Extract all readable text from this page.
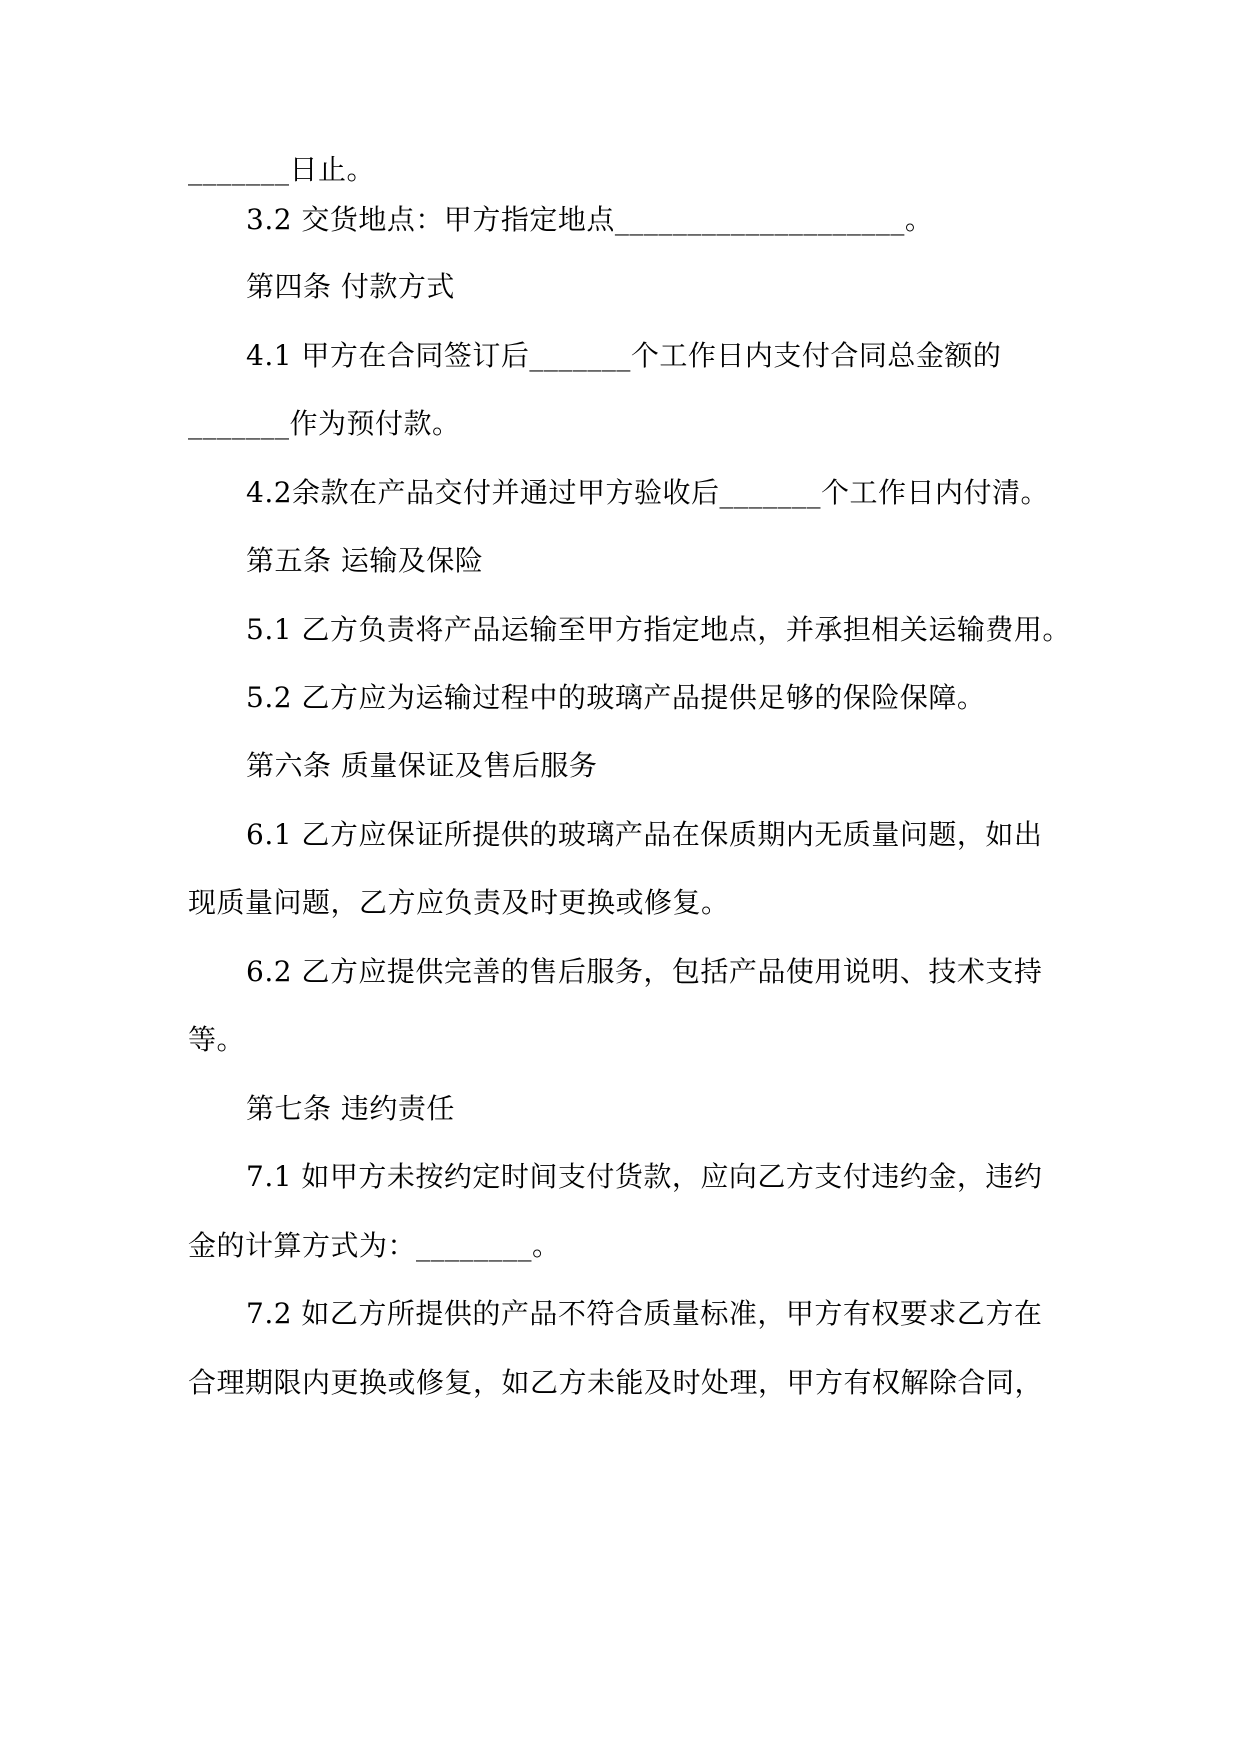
_______日止。
3.2 交货地点：甲方指定地点____________________。
第四条 付款方式
4.1 甲方在合同签订后_______个工作日内支付合同总金额的
_______作为预付款。
4.2余款在产品交付并通过甲方验收后_______个工作日内付清。
第五条 运输及保险
5.1 乙方负责将产品运输至甲方指定地点，并承担相关运输费用。
5.2 乙方应为运输过程中的玻璃产品提供足够的保险保障。
第六条 质量保证及售后服务
6.1 乙方应保证所提供的玻璃产品在保质期内无质量问题，如出
现质量问题，乙方应负责及时更换或修复。
6.2 乙方应提供完善的售后服务，包括产品使用说明、技术支持
等。
第七条 违约责任
7.1 如甲方未按约定时间支付货款，应向乙方支付违约金，违约
金的计算方式为：________。
7.2 如乙方所提供的产品不符合质量标准，甲方有权要求乙方在
合理期限内更换或修复，如乙方未能及时处理，甲方有权解除合同，
